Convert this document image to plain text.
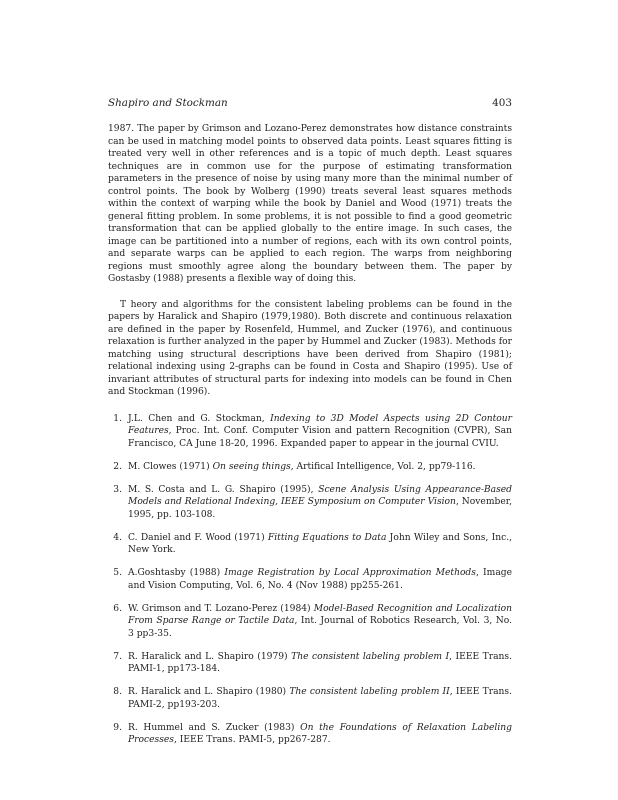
Shapiro and Stockman	403

1987. The paper by Grimson and Lozano-Perez demonstrates how distance constraints can be used in matching model points to observed data points. Least squares fitting is treated very well in other references and is a topic of much depth. Least squares techniques are in common use for the purpose of estimating transformation parameters in the presence of noise by using many more than the minimal number of control points. The book by Wolberg (1990) treats several least squares methods within the context of warping while the book by Daniel and Wood (1971) treats the general fitting problem. In some problems, it is not possible to find a good geometric transformation that can be applied globally to the entire image. In such cases, the image can be partitioned into a number of regions, each with its own control points, and separate warps can be applied to each region. The warps from neighboring regions must smoothly agree along the boundary between them. The paper by Gostasby (1988) presents a flexible way of doing this.

T heory and algorithms for the consistent labeling problems can be found in the papers by Haralick and Shapiro (1979,1980). Both discrete and continuous relaxation are defined in the paper by Rosenfeld, Hummel, and Zucker (1976), and continuous relaxation is further analyzed in the paper by Hummel and Zucker (1983). Methods for matching using structural descriptions have been derived from Shapiro (1981); relational indexing using 2-graphs can be found in Costa and Shapiro (1995). Use of invariant attributes of structural parts for indexing into models can be found in Chen and Stockman (1996).

1. J.L. Chen and G. Stockman, Indexing to 3D Model Aspects using 2D Contour Features, Proc. Int. Conf. Computer Vision and pattern Recognition (CVPR), San Francisco, CA June 18-20, 1996. Expanded paper to appear in the journal CVIU.
2. M. Clowes (1971) On seeing things, Artifical Intelligence, Vol. 2, pp79-116.
3. M. S. Costa and L. G. Shapiro (1995), Scene Analysis Using Appearance-Based Models and Relational Indexing, IEEE Symposium on Computer Vision, November, 1995, pp. 103-108.
4. C. Daniel and F. Wood (1971) Fitting Equations to Data John Wiley and Sons, Inc., New York.
5. A.Goshtasby (1988) Image Registration by Local Approximation Methods, Image and Vision Computing, Vol. 6, No. 4 (Nov 1988) pp255-261.
6. W. Grimson and T. Lozano-Perez (1984) Model-Based Recognition and Localization From Sparse Range or Tactile Data, Int. Journal of Robotics Research, Vol. 3, No. 3 pp3-35.
7. R. Haralick and L. Shapiro (1979) The consistent labeling problem I, IEEE Trans. PAMI-1, pp173-184.
8. R. Haralick and L. Shapiro (1980) The consistent labeling problem II, IEEE Trans. PAMI-2, pp193-203.
9. R. Hummel and S. Zucker (1983) On the Foundations of Relaxation Labeling Processes, IEEE Trans. PAMI-5, pp267-287.
